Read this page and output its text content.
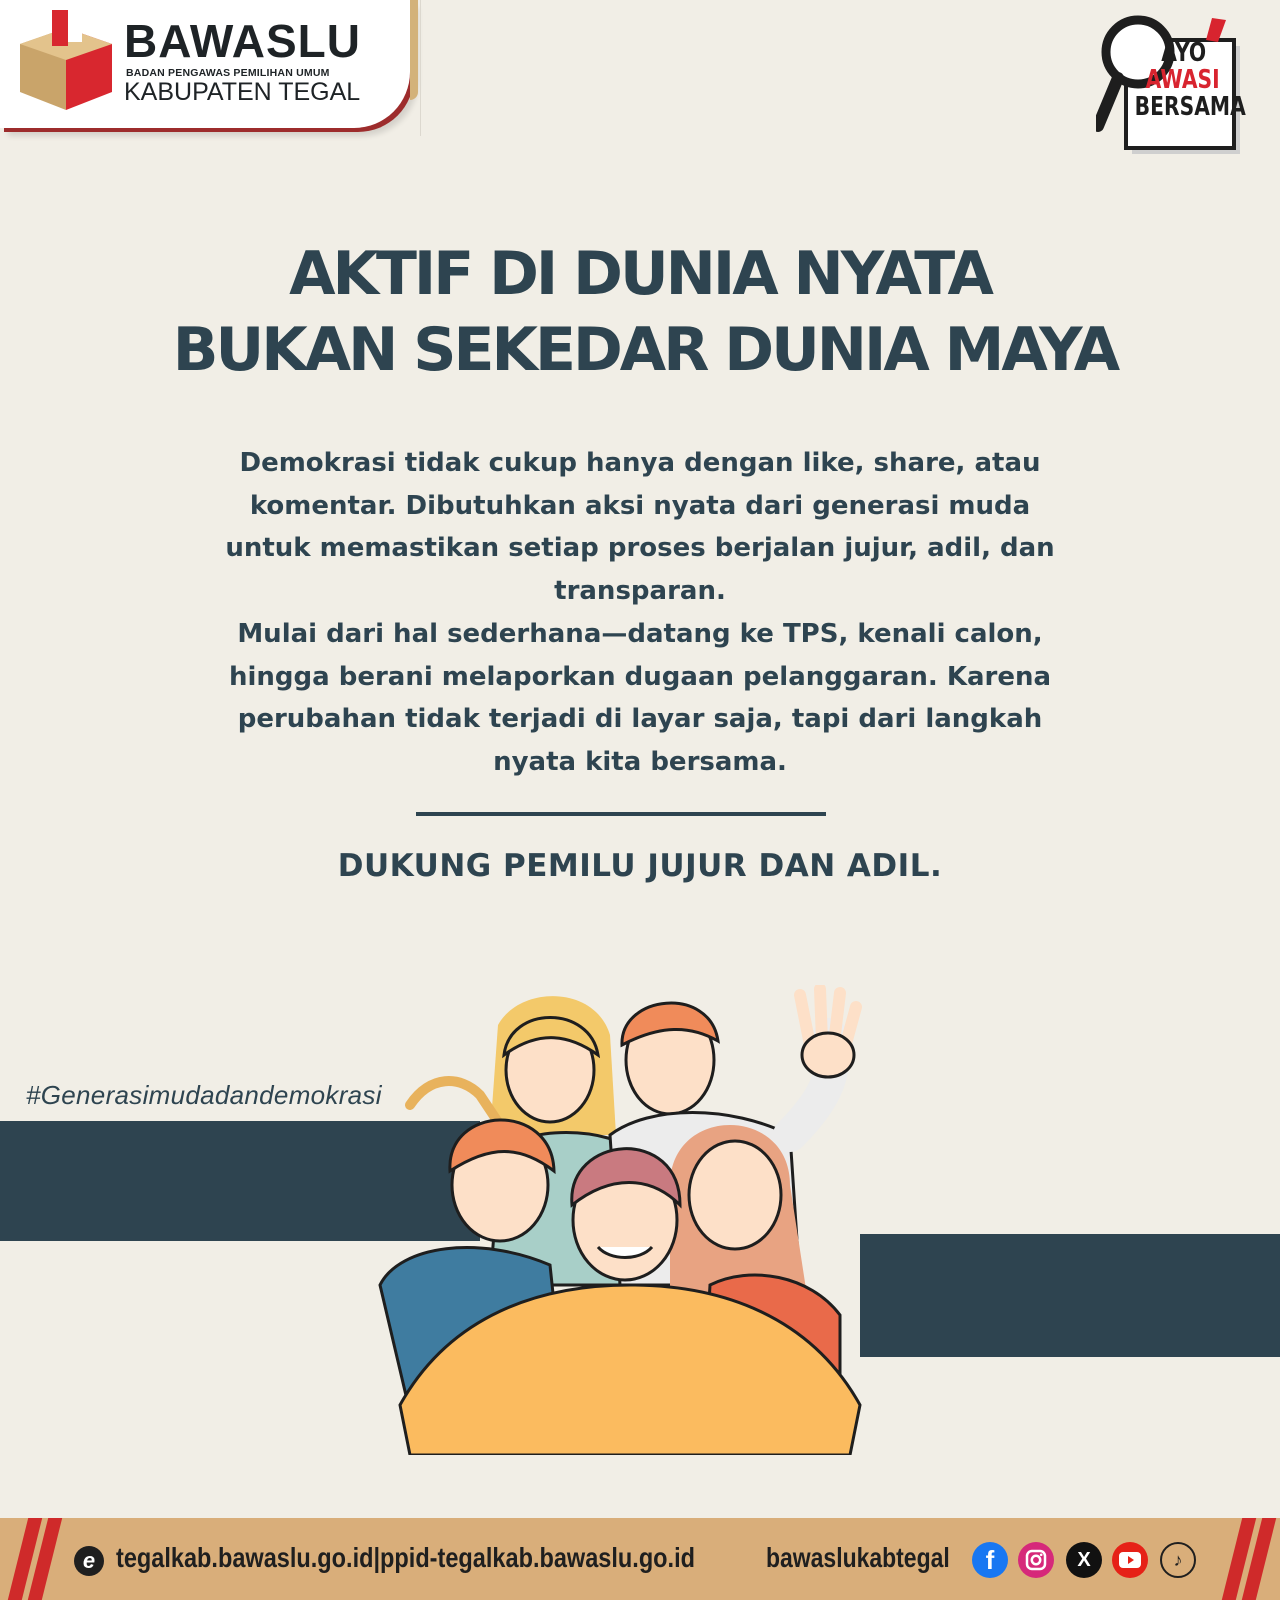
BAWASLU
BADAN PENGAWAS PEMILIHAN UMUM
KABUPATEN TEGAL
AYO
AWASI
BERSAMA
AKTIF DI DUNIA NYATA
BUKAN SEKEDAR DUNIA MAYA
Demokrasi tidak cukup hanya dengan like, share, atau
komentar. Dibutuhkan aksi nyata dari generasi muda
untuk memastikan setiap proses berjalan jujur, adil, dan
transparan.
Mulai dari hal sederhana—datang ke TPS, kenali calon,
hingga berani melaporkan dugaan pelanggaran. Karena
perubahan tidak terjadi di layar saja, tapi dari langkah
nyata kita bersama.
DUKUNG PEMILU JUJUR DAN ADIL.
#Generasimudadandemokrasi
e tegalkab.bawaslu.go.id|ppid-tegalkab.bawaslu.go.id	bawaslukabtegal	f	X	♪
